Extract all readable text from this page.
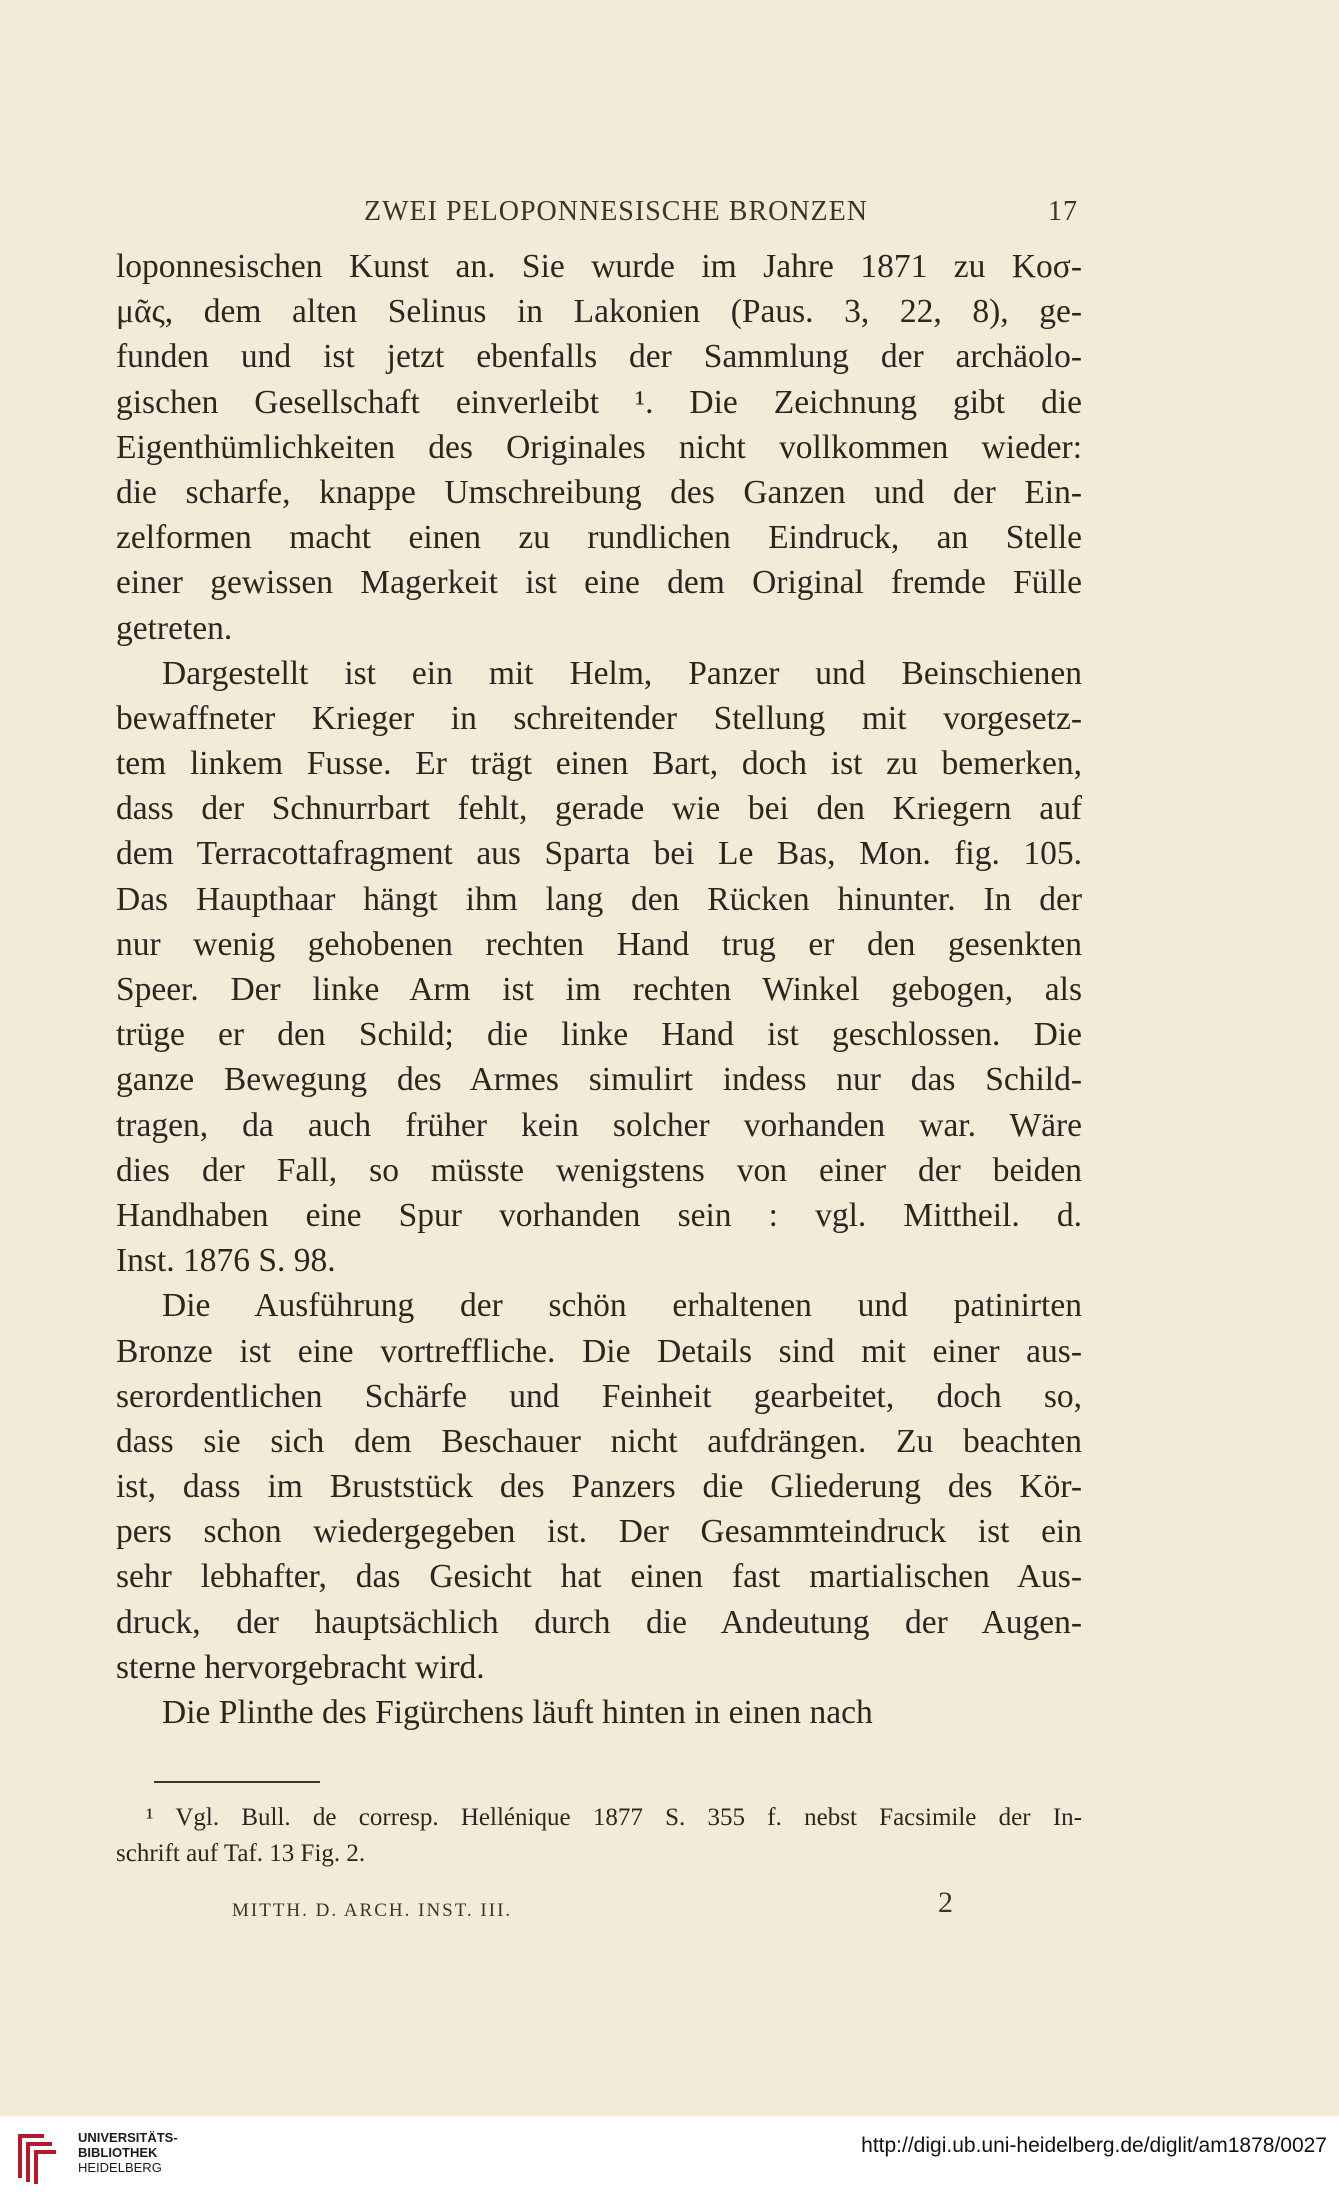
ZWEI PELOPONNESISCHE BRONZEN	17
loponnesischen Kunst an. Sie wurde im Jahre 1871 zu Κοσ-
μᾶς, dem alten Selinus in Lakonien (Paus. 3, 22, 8), ge-
funden und ist jetzt ebenfalls der Sammlung der archäolo-
gischen Gesellschaft einverleibt ¹. Die Zeichnung gibt die
Eigenthümlichkeiten des Originales nicht vollkommen wieder:
die scharfe, knappe Umschreibung des Ganzen und der Ein-
zelformen macht einen zu rundlichen Eindruck, an Stelle
einer gewissen Magerkeit ist eine dem Original fremde Fülle
getreten.
Dargestellt ist ein mit Helm, Panzer und Beinschienen
bewaffneter Krieger in schreitender Stellung mit vorgesetz-
tem linkem Fusse. Er trägt einen Bart, doch ist zu bemerken,
dass der Schnurrbart fehlt, gerade wie bei den Kriegern auf
dem Terracottafragment aus Sparta bei Le Bas, Mon. fig. 105.
Das Haupthaar hängt ihm lang den Rücken hinunter. In der
nur wenig gehobenen rechten Hand trug er den gesenkten
Speer. Der linke Arm ist im rechten Winkel gebogen, als
trüge er den Schild; die linke Hand ist geschlossen. Die
ganze Bewegung des Armes simulirt indess nur das Schild-
tragen, da auch früher kein solcher vorhanden war. Wäre
dies der Fall, so müsste wenigstens von einer der beiden
Handhaben eine Spur vorhanden sein : vgl. Mittheil. d.
Inst. 1876 S. 98.
Die Ausführung der schön erhaltenen und patinirten
Bronze ist eine vortreffliche. Die Details sind mit einer aus-
serordentlichen Schärfe und Feinheit gearbeitet, doch so,
dass sie sich dem Beschauer nicht aufdrängen. Zu beachten
ist, dass im Bruststück des Panzers die Gliederung des Kör-
pers schon wiedergegeben ist. Der Gesammteindruck ist ein
sehr lebhafter, das Gesicht hat einen fast martialischen Aus-
druck, der hauptsächlich durch die Andeutung der Augen-
sterne hervorgebracht wird.
Die Plinthe des Figürchens läuft hinten in einen nach
¹ Vgl. Bull. de corresp. Hellénique 1877 S. 355 f. nebst Facsimile der In-
schrift auf Taf. 13 Fig. 2.
MITTH. D. ARCH. INST. III.	2
UNIVERSITÄTS-
BIBLIOTHEK
HEIDELBERG
http://digi.ub.uni-heidelberg.de/diglit/am1878/0027
